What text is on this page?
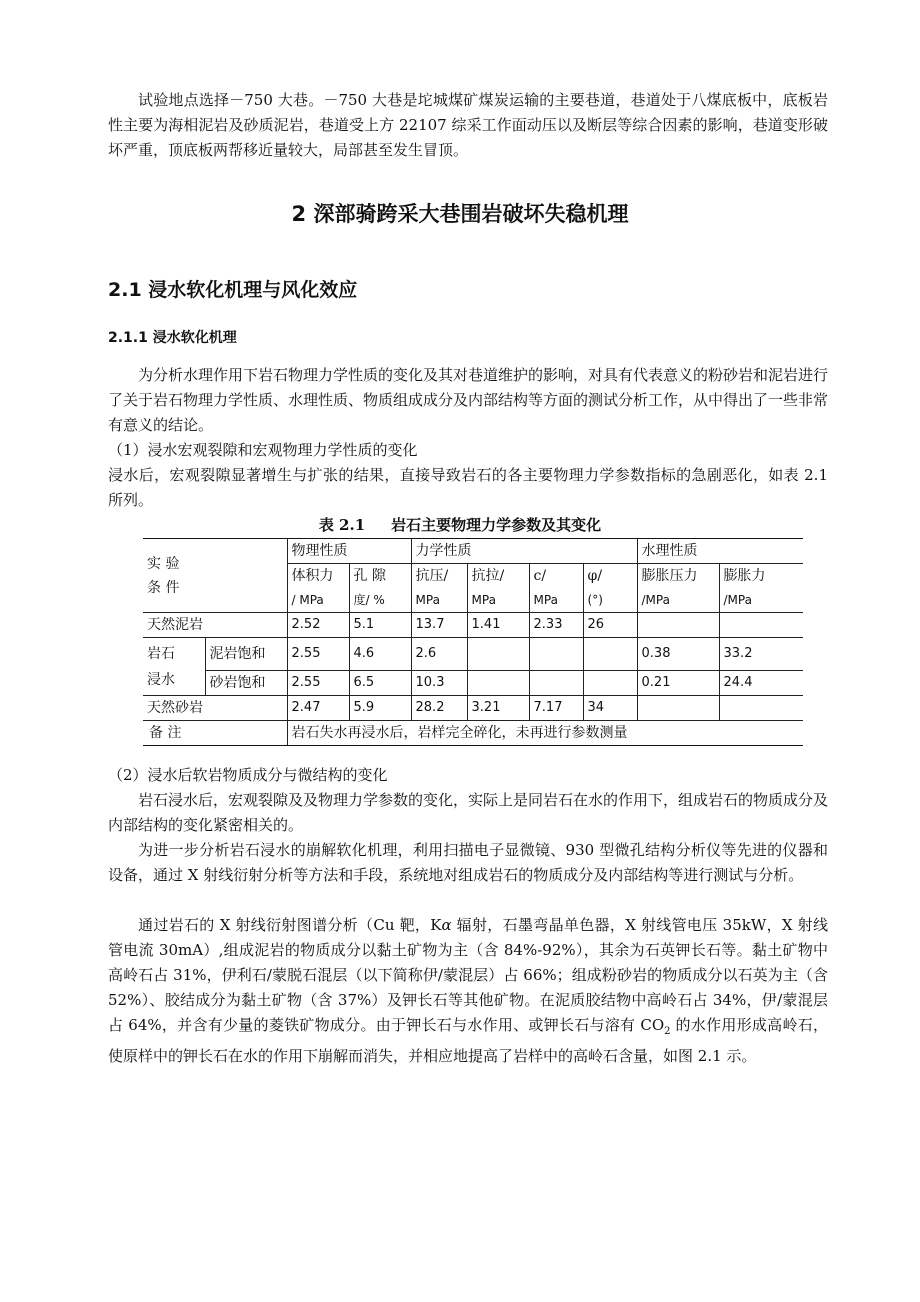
试验地点选择－750 大巷。－750 大巷是坨城煤矿煤炭运输的主要巷道，巷道处于八煤底板中，底板岩性主要为海相泥岩及砂质泥岩，巷道受上方 22107 综采工作面动压以及断层等综合因素的影响，巷道变形破坏严重，顶底板两帮移近量较大，局部甚至发生冒顶。

2 深部骑跨采大巷围岩破坏失稳机理
2.1 浸水软化机理与风化效应
2.1.1 浸水软化机理

为分析水理作用下岩石物理力学性质的变化及其对巷道维护的影响，对具有代表意义的粉砂岩和泥岩进行了关于岩石物理力学性质、水理性质、物质组成成分及内部结构等方面的测试分析工作，从中得出了一些非常有意义的结论。

（1）浸水宏观裂隙和宏观物理力学性质的变化

浸水后，宏观裂隙显著增生与扩张的结果，直接导致岩石的各主要物理力学参数指标的急剧恶化，如表 2.1 所列。

表 2.1 岩石主要物理力学参数及其变化
实 验
条 件		物理性质		力学性质				水理性质	
		体积力	孔 隙	抗压/	抗拉/	c/	φ/	膨胀压力	膨胀力
		/ MPa	度/ %	MPa	MPa	MPa	(°)	/MPa	/MPa
天然泥岩		2.52	5.1	13.7	1.41	2.33	26		

岩石
浸水	泥岩饱和	2.55	4.6	2.6				0.38	33.2
	砂岩饱和	2.55	6.5	10.3				0.21	24.4
天然砂岩		2.47	5.9	28.2	3.21	7.17	34		
备 注		岩石失水再浸水后，岩样完全碎化，未再进行参数测量							

（2）浸水后软岩物质成分与微结构的变化

岩石浸水后，宏观裂隙及及物理力学参数的变化，实际上是同岩石在水的作用下，组成岩石的物质成分及内部结构的变化紧密相关的。

为进一步分析岩石浸水的崩解软化机理，利用扫描电子显微镜、930 型微孔结构分析仪等先进的仪器和设备，通过 X 射线衍射分析等方法和手段，系统地对组成岩石的物质成分及内部结构等进行测试与分析。

通过岩石的 X 射线衍射图谱分析（Cu 靶，Kα 辐射，石墨弯晶单色器，X 射线管电压 35kW，X 射线管电流 30mA）,组成泥岩的物质成分以黏土矿物为主（含 84%-92%），其余为石英钾长石等。黏土矿物中高岭石占 31%，伊利石/蒙脱石混层（以下简称伊/蒙混层）占 66%；组成粉砂岩的物质成分以石英为主（含 52%）、胶结成分为黏土矿物（含 37%）及钾长石等其他矿物。在泥质胶结物中高岭石占 34%，伊/蒙混层占 64%，并含有少量的菱铁矿物成分。由于钾长石与水作用、或钾长石与溶有 $CO_2$ 的水作用形成高岭石，使原样中的钾长石在水的作用下崩解而消失，并相应地提高了岩样中的高岭石含量，如图 2.1 示。
